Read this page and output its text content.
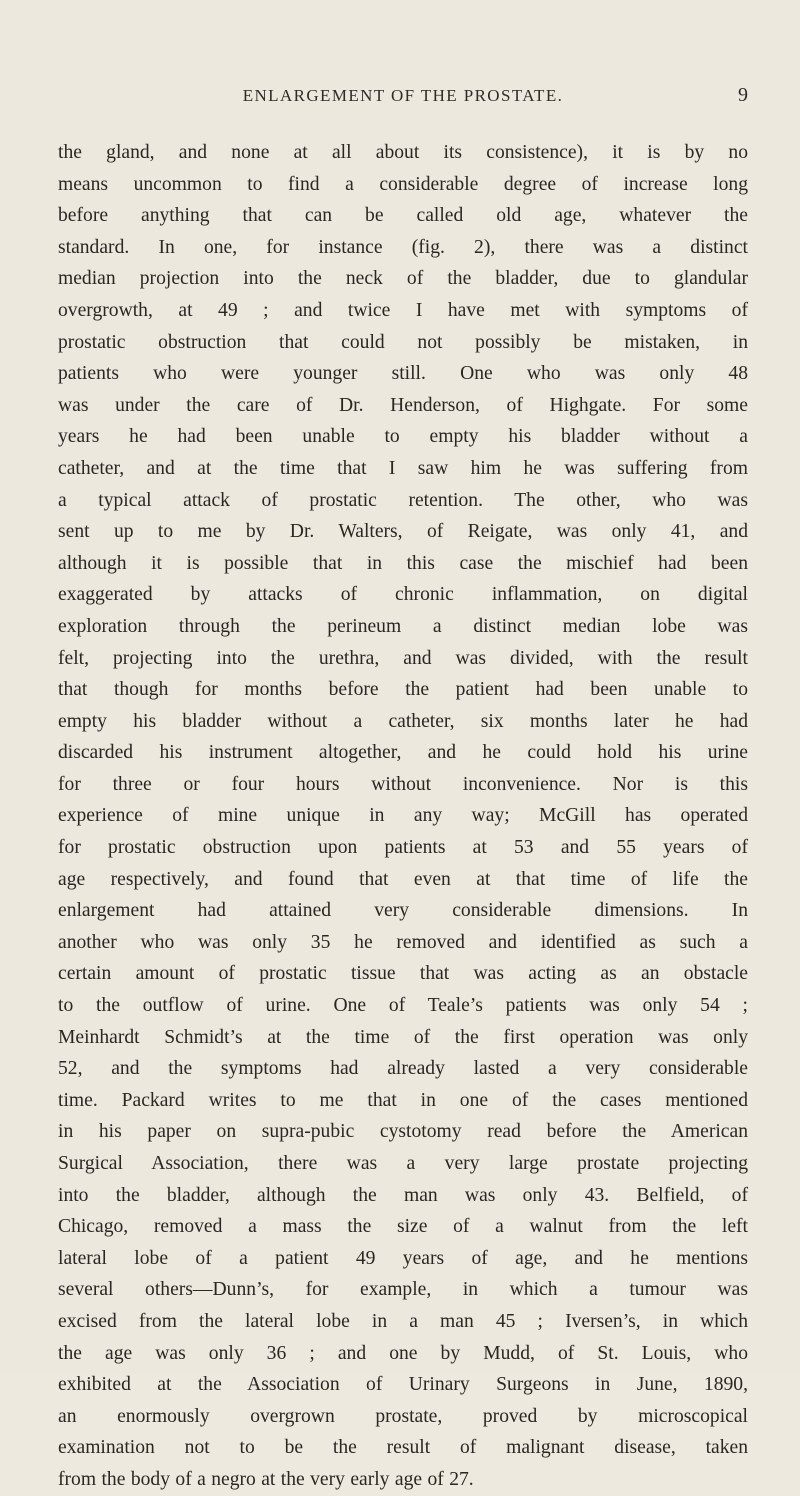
ENLARGEMENT OF THE PROSTATE.	9
the gland, and none at all about its consistence), it is by no
means uncommon to find a considerable degree of increase long
before anything that can be called old age, whatever the
standard. In one, for instance (fig. 2), there was a distinct
median projection into the neck of the bladder, due to glandular
overgrowth, at 49 ; and twice I have met with symptoms of
prostatic obstruction that could not possibly be mistaken, in
patients who were younger still. One who was only 48
was under the care of Dr. Henderson, of Highgate. For some
years he had been unable to empty his bladder without a
catheter, and at the time that I saw him he was suffering from
a typical attack of prostatic retention. The other, who was
sent up to me by Dr. Walters, of Reigate, was only 41, and
although it is possible that in this case the mischief had been
exaggerated by attacks of chronic inflammation, on digital
exploration through the perineum a distinct median lobe was
felt, projecting into the urethra, and was divided, with the result
that though for months before the patient had been unable to
empty his bladder without a catheter, six months later he had
discarded his instrument altogether, and he could hold his urine
for three or four hours without inconvenience. Nor is this
experience of mine unique in any way; McGill has operated
for prostatic obstruction upon patients at 53 and 55 years of
age respectively, and found that even at that time of life the
enlargement had attained very considerable dimensions. In
another who was only 35 he removed and identified as such a
certain amount of prostatic tissue that was acting as an obstacle
to the outflow of urine. One of Teale’s patients was only 54 ;
Meinhardt Schmidt’s at the time of the first operation was only
52, and the symptoms had already lasted a very considerable
time. Packard writes to me that in one of the cases mentioned
in his paper on supra-pubic cystotomy read before the American
Surgical Association, there was a very large prostate projecting
into the bladder, although the man was only 43. Belfield, of
Chicago, removed a mass the size of a walnut from the left
lateral lobe of a patient 49 years of age, and he mentions
several others—Dunn’s, for example, in which a tumour was
excised from the lateral lobe in a man 45 ; Iversen’s, in which
the age was only 36 ; and one by Mudd, of St. Louis, who
exhibited at the Association of Urinary Surgeons in June, 1890,
an enormously overgrown prostate, proved by microscopical
examination not to be the result of malignant disease, taken
from the body of a negro at the very early age of 27.
